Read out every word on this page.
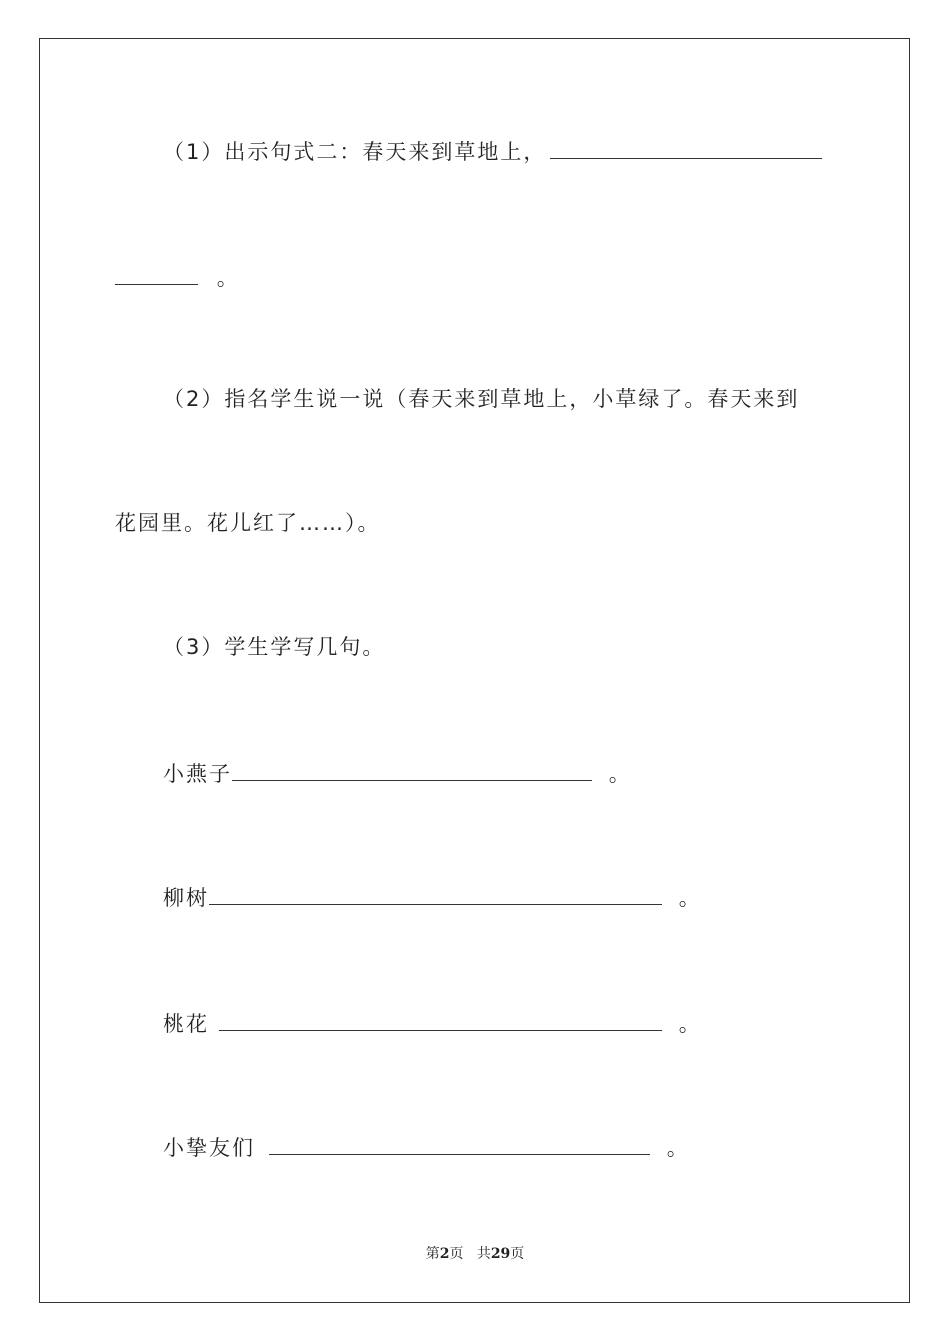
（1）出示句式二：春天来到草地上，
。
（2）指名学生说一说（春天来到草地上，小草绿了。春天来到
花园里。花儿红了……）。
（3）学生学写几句。
小燕子	。
柳树	。
桃花	。
小挚友们	。
第2页 共29页
